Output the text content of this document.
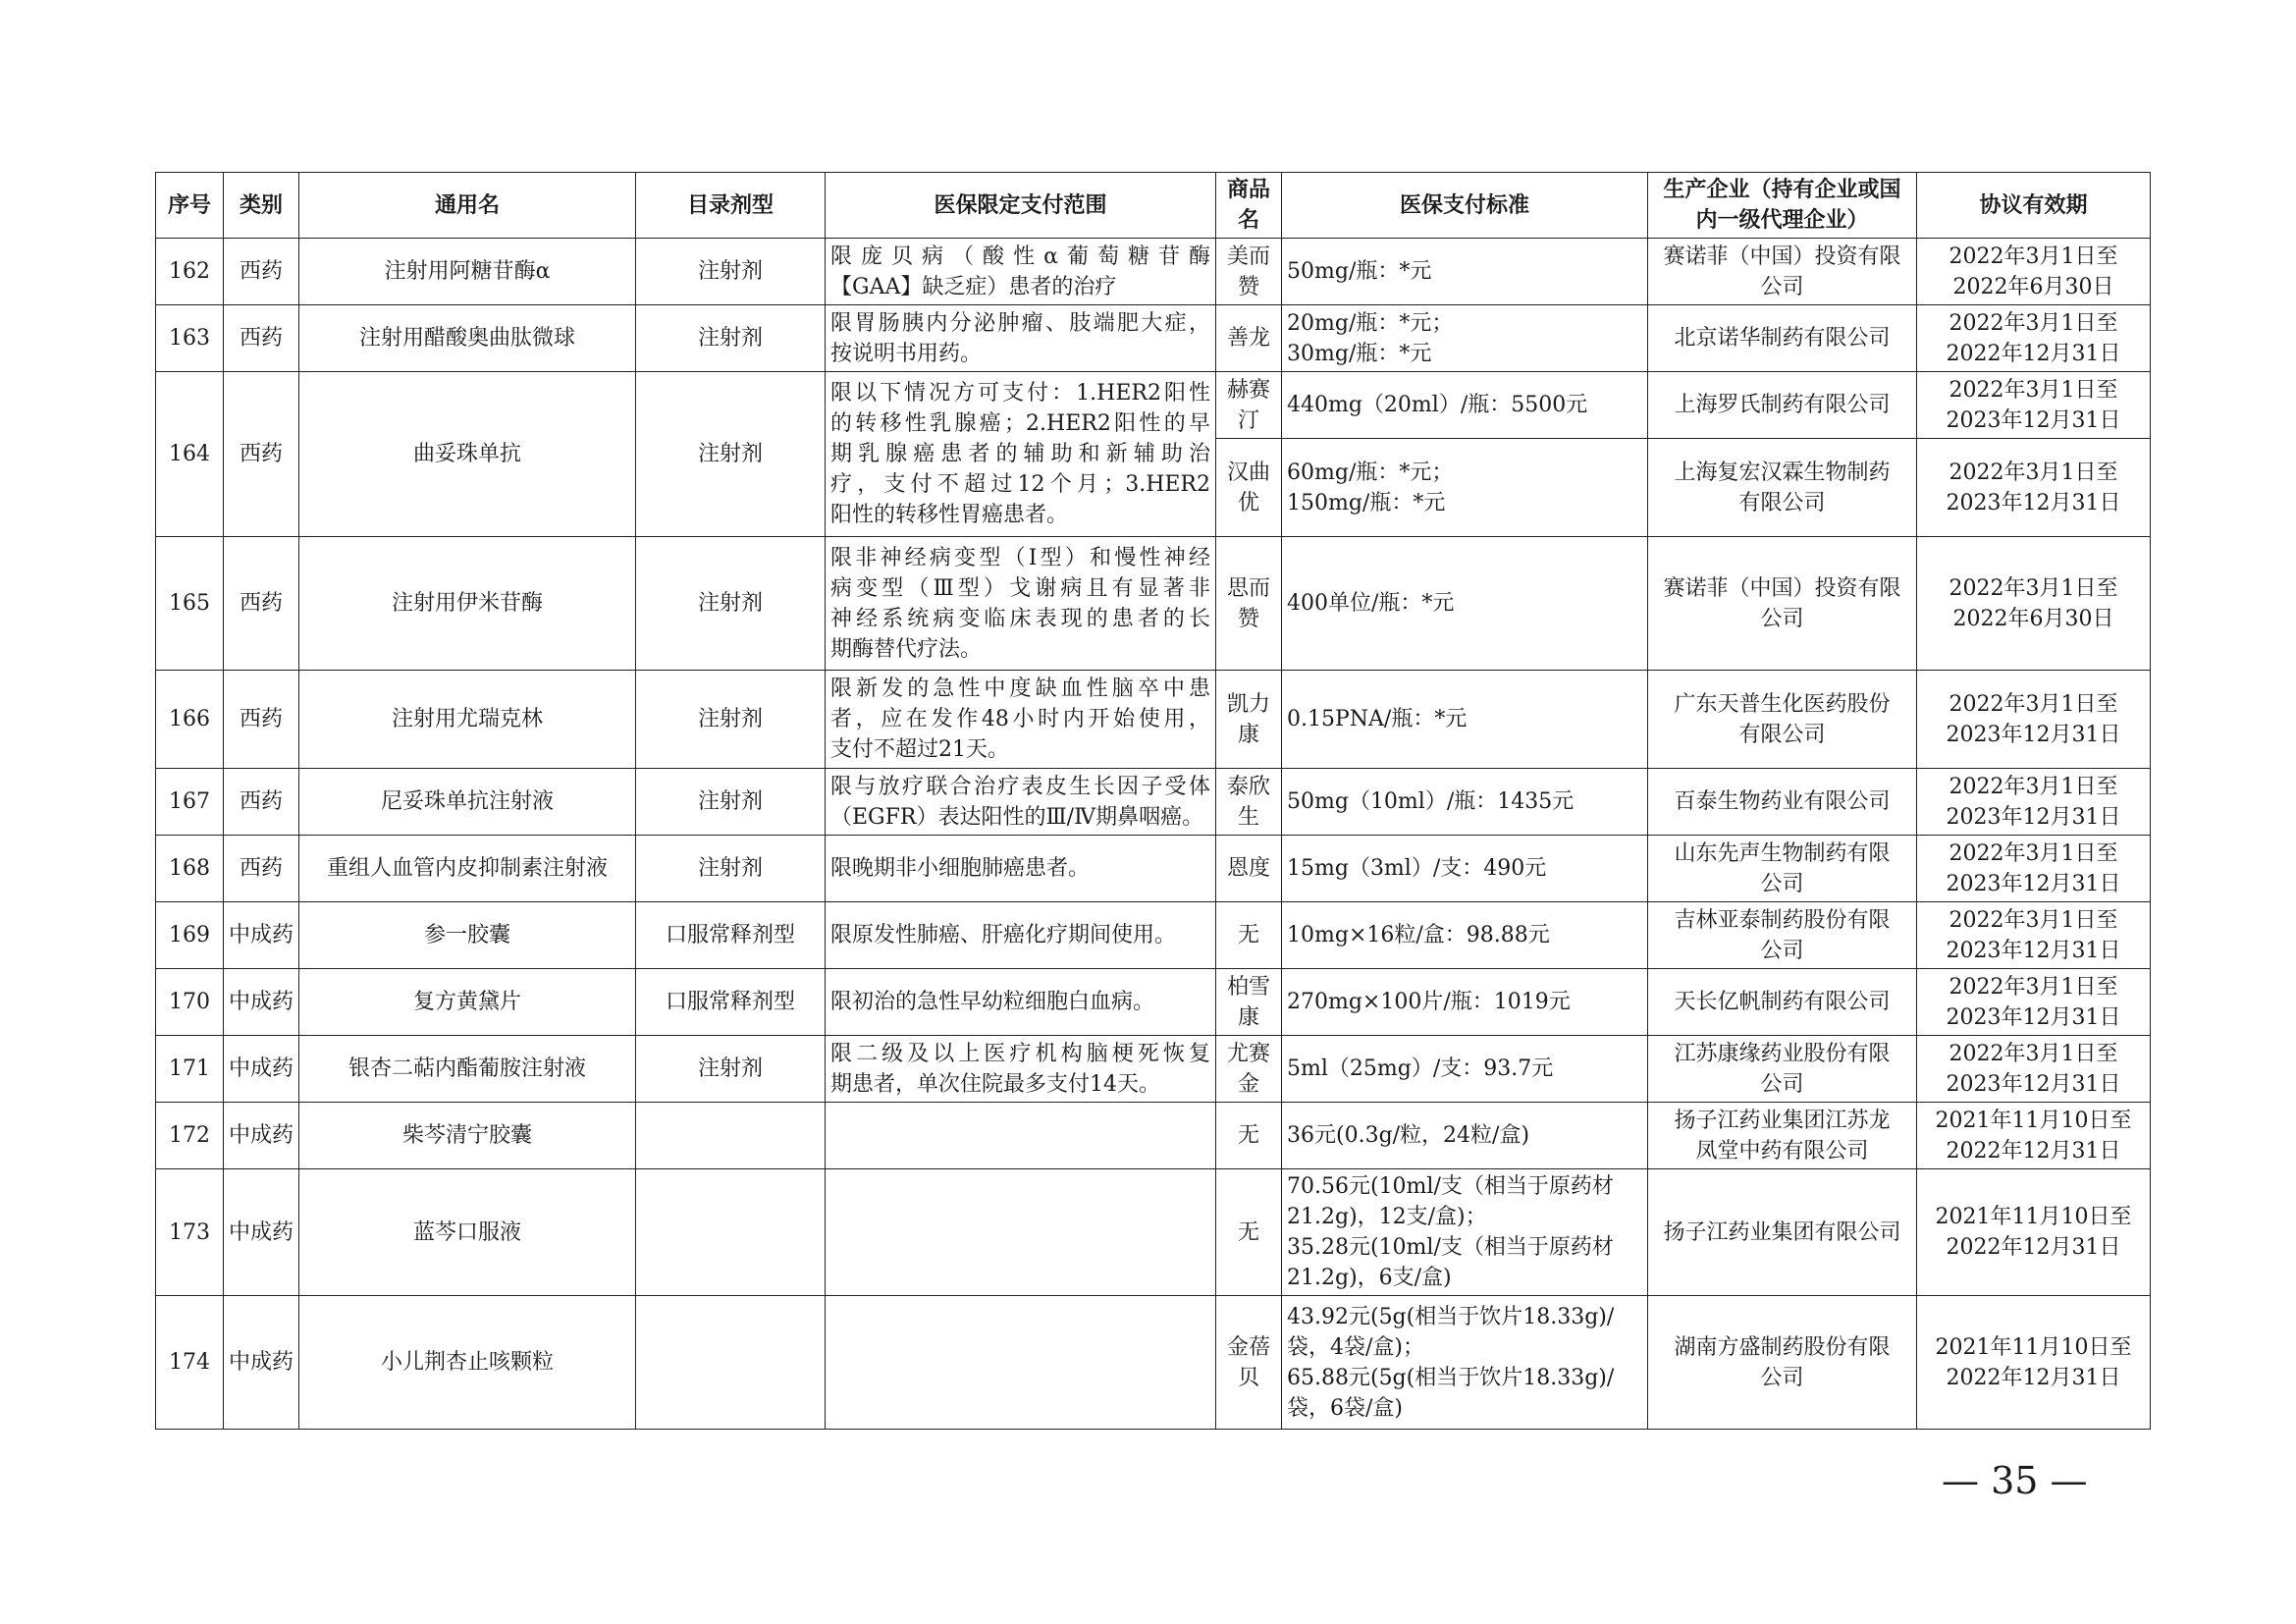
序号	类别	通用名	目录剂型	医保限定支付范围	商品名	医保支付标准	生产企业（持有企业或国内一级代理企业）	协议有效期
162	西药	注射用阿糖苷酶α	注射剂	限庞贝病（酸性α葡萄糖苷酶
【GAA】缺乏症）患者的治疗	美而赞	50mg/瓶：*元	赛诺菲（中国）投资有限
公司	2022年3月1日至
2022年6月30日

163	西药	注射用醋酸奥曲肽微球	注射剂	限胃肠胰内分泌肿瘤、肢端肥大症，
按说明书用药。	善龙	20mg/瓶：*元；
30mg/瓶：*元	北京诺华制药有限公司	2022年3月1日至
2022年12月31日

164	西药	曲妥珠单抗	注射剂	限以下情况方可支付：1.HER2阳性
的转移性乳腺癌；2.HER2阳性的早
期乳腺癌患者的辅助和新辅助治
疗，支付不超过12个月；3.HER2
阳性的转移性胃癌患者。	赫赛汀	440mg（20ml）/瓶：5500元	上海罗氏制药有限公司	2022年3月1日至
2023年12月31日

					汉曲优	60mg/瓶：*元；
150mg/瓶：*元	上海复宏汉霖生物制药
有限公司	2022年3月1日至
2023年12月31日

165	西药	注射用伊米苷酶	注射剂	限非神经病变型（Ⅰ型）和慢性神经
病变型（Ⅲ型）戈谢病且有显著非
神经系统病变临床表现的患者的长
期酶替代疗法。	思而赞	400单位/瓶：*元	赛诺菲（中国）投资有限
公司	2022年3月1日至
2022年6月30日

166	西药	注射用尤瑞克林	注射剂	限新发的急性中度缺血性脑卒中患
者，应在发作48小时内开始使用，
支付不超过21天。	凯力康	0.15PNA/瓶：*元	广东天普生化医药股份
有限公司	2022年3月1日至
2023年12月31日

167	西药	尼妥珠单抗注射液	注射剂	限与放疗联合治疗表皮生长因子受体
（EGFR）表达阳性的Ⅲ/Ⅳ期鼻咽癌。	泰欣生	50mg（10ml）/瓶：1435元	百泰生物药业有限公司	2022年3月1日至
2023年12月31日

168	西药	重组人血管内皮抑制素注射液	注射剂	限晚期非小细胞肺癌患者。	恩度	15mg（3ml）/支：490元	山东先声生物制药有限
公司	2022年3月1日至
2023年12月31日

169	中成药	参一胶囊	口服常释剂型	限原发性肺癌、肝癌化疗期间使用。	无	10mg×16粒/盒：98.88元	吉林亚泰制药股份有限
公司	2022年3月1日至
2023年12月31日

170	中成药	复方黄黛片	口服常释剂型	限初治的急性早幼粒细胞白血病。	柏雪康	270mg×100片/瓶：1019元	天长亿帆制药有限公司	2022年3月1日至
2023年12月31日

171	中成药	银杏二萜内酯葡胺注射液	注射剂	限二级及以上医疗机构脑梗死恢复
期患者，单次住院最多支付14天。	尤赛金	5ml（25mg）/支：93.7元	江苏康缘药业股份有限
公司	2022年3月1日至
2023年12月31日

172	中成药	柴芩清宁胶囊			无	36元(0.3g/粒，24粒/盒)	扬子江药业集团江苏龙
凤堂中药有限公司	2021年11月10日至
2022年12月31日

173	中成药	蓝芩口服液			无	70.56元(10ml/支（相当于原药材
21.2g)，12支/盒)；
35.28元(10ml/支（相当于原药材
21.2g)，6支/盒)	扬子江药业集团有限公司	2021年11月10日至
2022年12月31日

174	中成药	小儿荆杏止咳颗粒			金蓓贝	43.92元(5g(相当于饮片18.33g)/
袋，4袋/盒)；
65.88元(5g(相当于饮片18.33g)/
袋，6袋/盒)	湖南方盛制药股份有限
公司	2021年11月10日至
2022年12月31日
— 35 —
